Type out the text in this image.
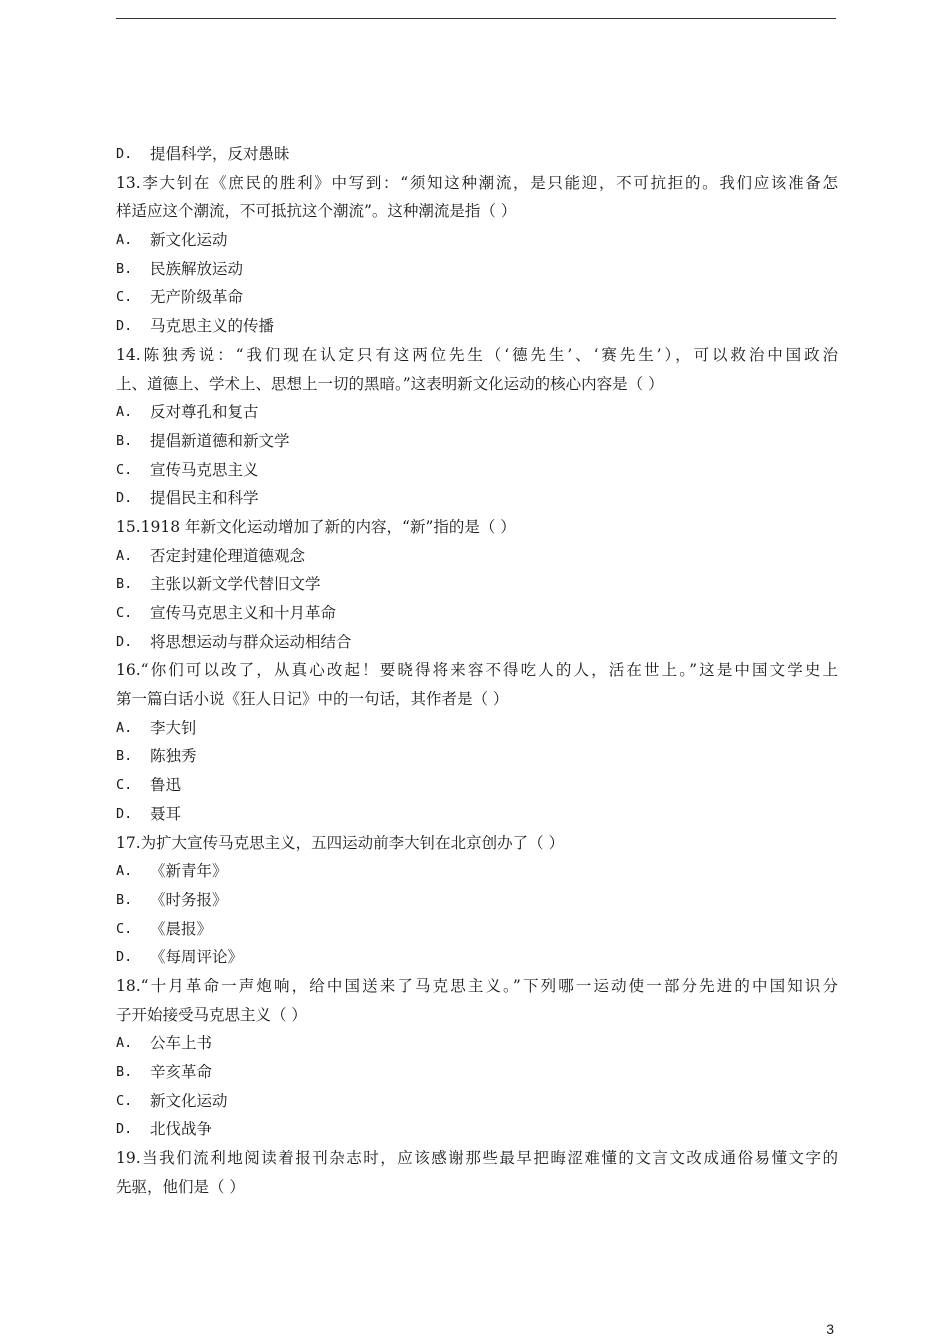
D.	提倡科学，反对愚昧
13.李大钊在《庶民的胜利》中写到：“须知这种潮流，是只能迎，不可抗拒的。我们应该准备怎
样适应这个潮流，不可抵抗这个潮流”。这种潮流是指（ ）
A.	新文化运动
B.	民族解放运动
C.	无产阶级革命
D.	马克思主义的传播
14.陈独秀说：“我们现在认定只有这两位先生（‘德先生’、‘赛先生’），可以救治中国政治
上、道德上、学术上、思想上一切的黑暗。”这表明新文化运动的核心内容是（ ）
A.	反对尊孔和复古
B.	提倡新道德和新文学
C.	宣传马克思主义
D.	提倡民主和科学
15.1918 年新文化运动增加了新的内容，“新”指的是（ ）
A.	否定封建伦理道德观念
B.	主张以新文学代替旧文学
C.	宣传马克思主义和十月革命
D.	将思想运动与群众运动相结合
16.“你们可以改了，从真心改起！要晓得将来容不得吃人的人，活在世上。”这是中国文学史上
第一篇白话小说《狂人日记》中的一句话，其作者是（ ）
A.	李大钊
B.	陈独秀
C.	鲁迅
D.	聂耳
17.为扩大宣传马克思主义，五四运动前李大钊在北京创办了（ ）
A.	《新青年》
B.	《时务报》
C.	《晨报》
D.	《每周评论》
18.“十月革命一声炮响，给中国送来了马克思主义。”下列哪一运动使一部分先进的中国知识分
子开始接受马克思主义（ ）
A.	公车上书
B.	辛亥革命
C.	新文化运动
D.	北伐战争
19.当我们流利地阅读着报刊杂志时，应该感谢那些最早把晦涩难懂的文言文改成通俗易懂文字的
先驱，他们是（ ）
3
